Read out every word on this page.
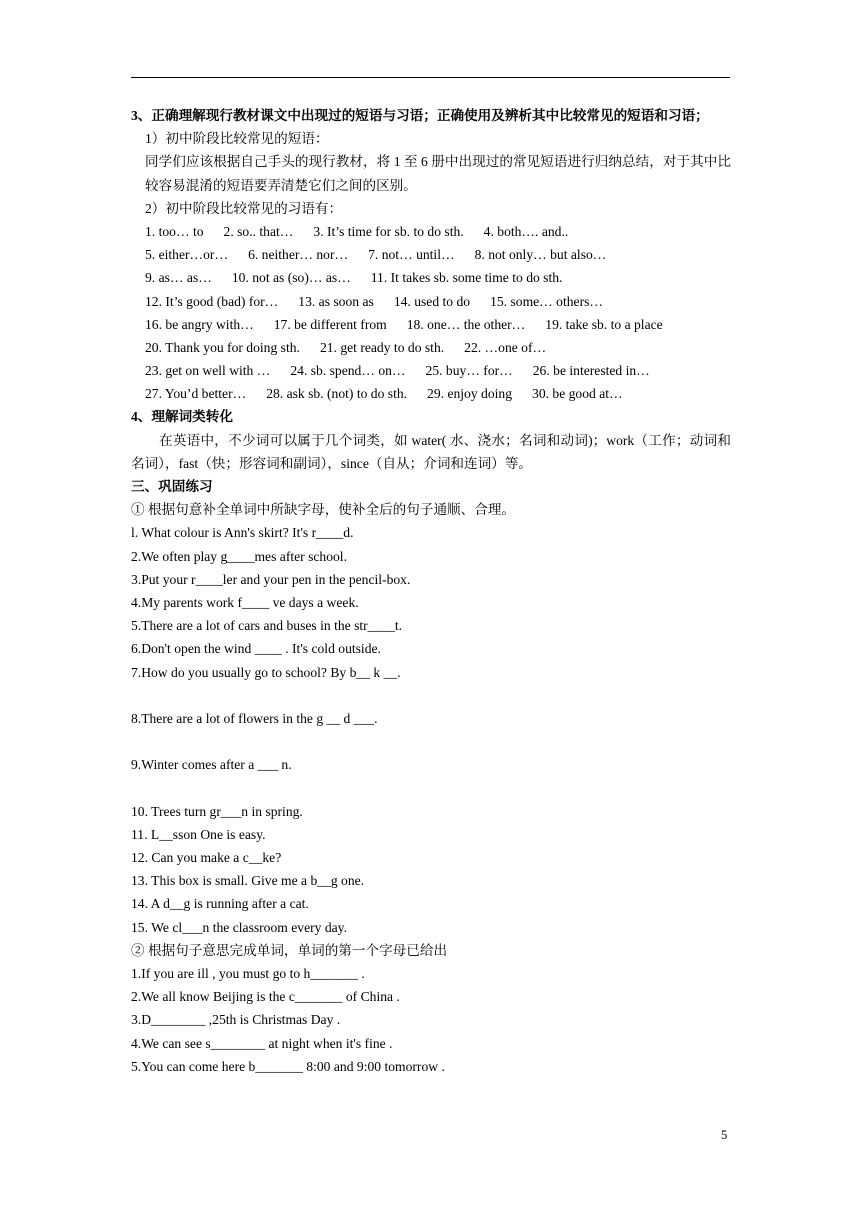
3、正确理解现行教材课文中出现过的短语与习语；正确使用及辨析其中比较常见的短语和习语；
1）初中阶段比较常见的短语：
同学们应该根据自己手头的现行教材，将 1 至 6 册中出现过的常见短语进行归纳总结，对于其中比较容易混淆的短语要弄清楚它们之间的区别。
2）初中阶段比较常见的习语有：
1. too… to 2. so.. that… 3. It’s time for sb. to do sth. 4. both…. and..
5. either…or… 6. neither… nor… 7. not… until… 8. not only… but also…
9. as… as… 10. not as (so)… as… 11. It takes sb. some time to do sth.
12. It’s good (bad) for… 13. as soon as 14. used to do 15. some… others…
16. be angry with… 17. be different from 18. one… the other… 19. take sb. to a place
20. Thank you for doing sth. 21. get ready to do sth. 22. …one of…
23. get on well with … 24. sb. spend… on… 25. buy… for… 26. be interested in…
27. You’d better… 28. ask sb. (not) to do sth. 29. enjoy doing 30. be good at…
4、理解词类转化
在英语中，不少词可以属于几个词类，如 water( 水、浇水；名词和动词)；work（工作；动词和名词），fast（快；形容词和副词），since（自从；介词和连词）等。
三、巩固练习
① 根据句意补全单词中所缺字母，使补全后的句子通顺、合理。
l. What colour is Ann's skirt? It's r____d.
2.We often play g____mes after school.
3.Put your r____ler and your pen in the pencil-box.
4.My parents work f____ ve days a week.
5.There are a lot of cars and buses in the str____t.
6.Don't open the wind ____ . It's cold outside.
7.How do you usually go to school? By b__ k __.
8.There are a lot of flowers in the g __ d ___.
9.Winter comes after a ___ n.
10. Trees turn gr___n in spring.
11. L__sson One is easy.
12. Can you make a c__ke?
13. This box is small. Give me a b__g one.
14. A d__g is running after a cat.
15. We cl___n the classroom every day.
② 根据句子意思完成单词，单词的第一个字母已给出
1.If you are ill , you must go to h_______ .
2.We all know Beijing is the c_______ of China .
3.D________ ,25th is Christmas Day .
4.We can see s________ at night when it's fine .
5.You can come here b_______ 8:00 and 9:00 tomorrow .
5
